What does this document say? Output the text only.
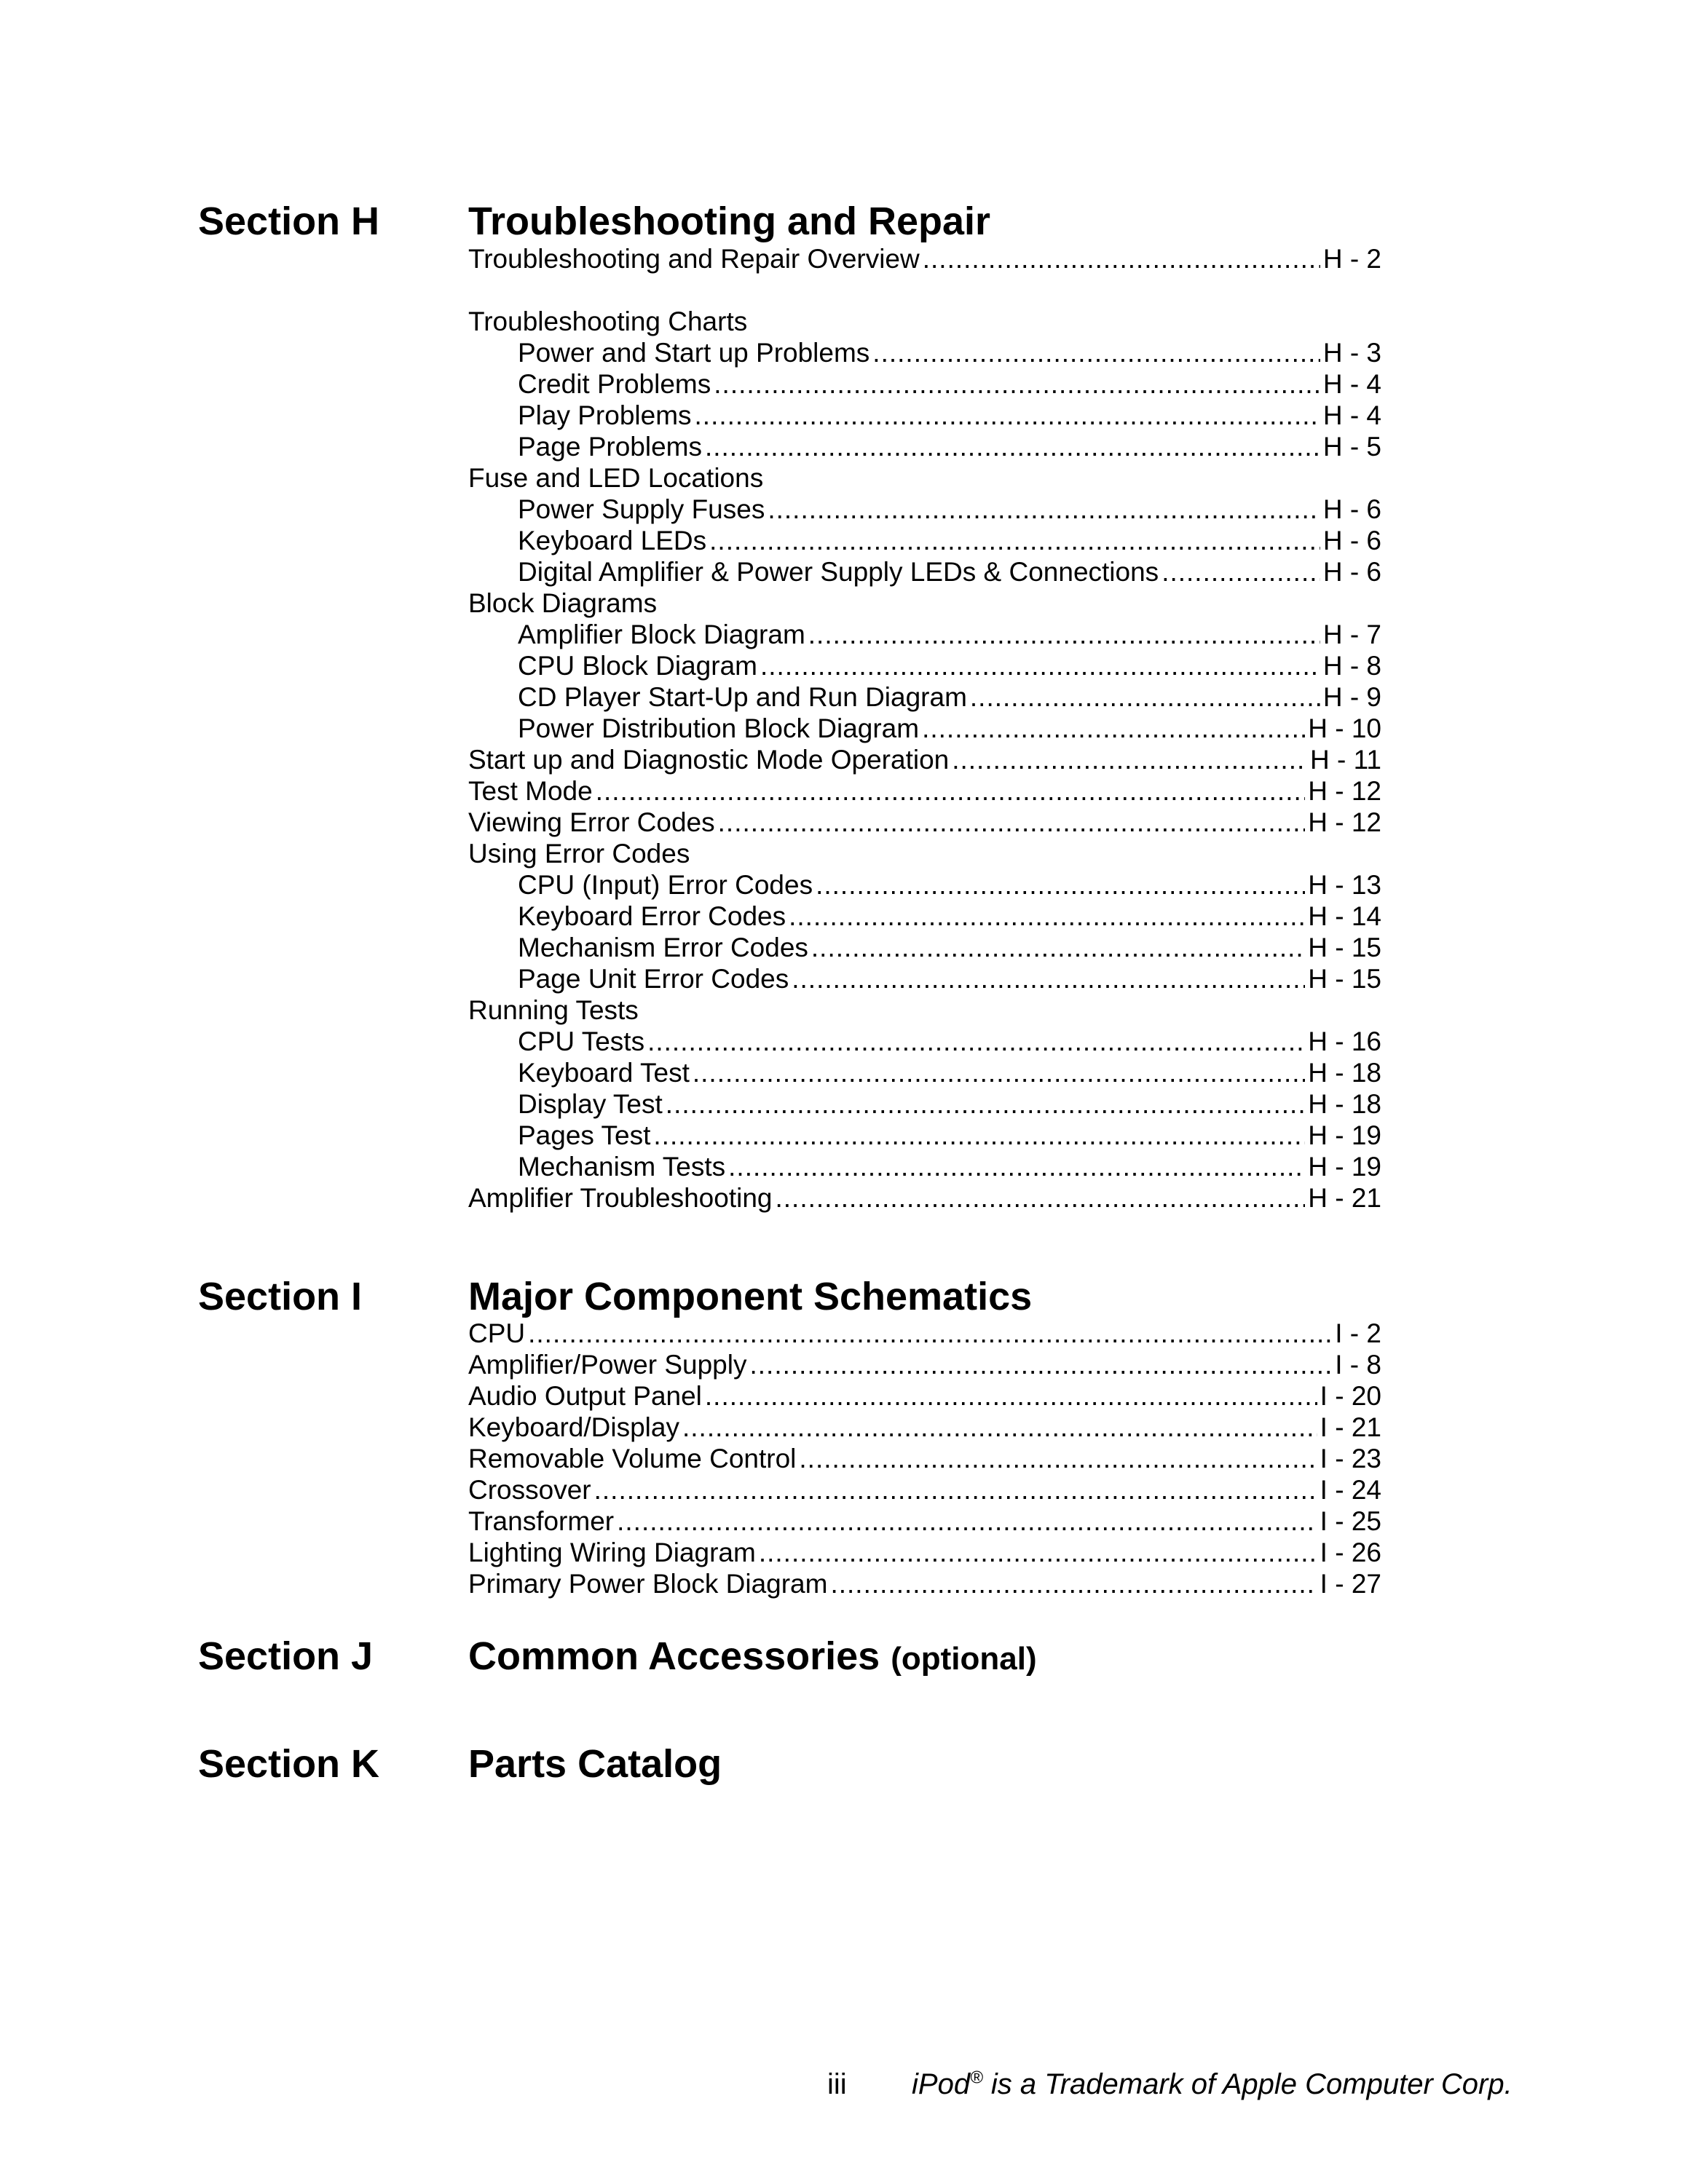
Section H Troubleshooting and Repair
Troubleshooting and Repair Overview .....	H - 2
Troubleshooting Charts
Power and Start up Problems .....	H - 3
Credit Problems .....	H - 4
Play Problems .....	H - 4
Page Problems .....	H - 5
Fuse and LED Locations
Power Supply Fuses .....	H - 6
Keyboard LEDs .....	H - 6
Digital Amplifier & Power Supply LEDs & Connections .....	H - 6
Block Diagrams
Amplifier Block Diagram .....	H - 7
CPU Block Diagram .....	H - 8
CD Player Start-Up and Run Diagram .....	H - 9
Power Distribution Block Diagram .....	H - 10
Start up and Diagnostic Mode Operation .....	H - 11
Test Mode .....	H - 12
Viewing Error Codes .....	H - 12
Using Error Codes
CPU (Input) Error Codes .....	H - 13
Keyboard Error Codes .....	H - 14
Mechanism Error Codes .....	H - 15
Page Unit Error Codes .....	H - 15
Running Tests
CPU Tests .....	H - 16
Keyboard Test .....	H - 18
Display Test .....	H - 18
Pages Test .....	H - 19
Mechanism Tests .....	H - 19
Amplifier Troubleshooting .....	H - 21
Section I	Major Component Schematics
CPU .....	I - 2
Amplifier/Power Supply .....	I - 8
Audio Output Panel .....	I - 20
Keyboard/Display .....	I - 21
Removable Volume Control .....	I - 23
Crossover .....	I - 24
Transformer .....	I - 25
Lighting Wiring Diagram .....	I - 26
Primary Power Block Diagram .....	I - 27
Section J Common Accessories (optional)
Section K Parts Catalog
iii iPod® is a Trademark of Apple Computer Corp.
